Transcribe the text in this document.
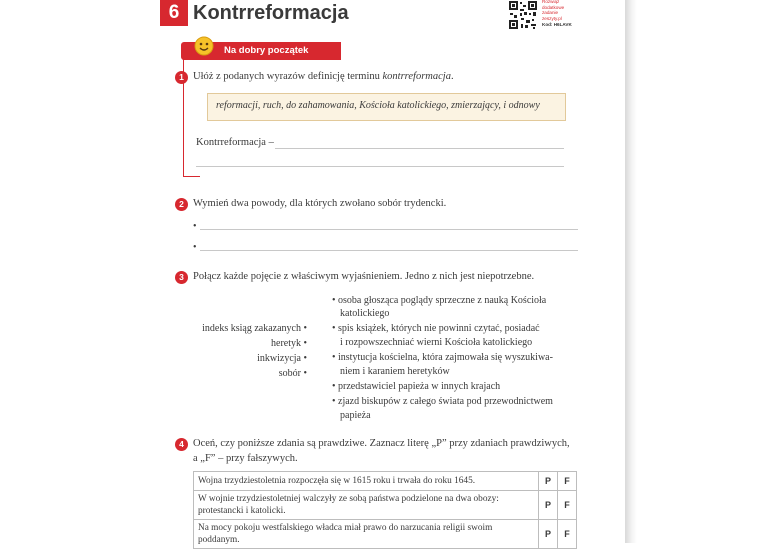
6 Kontrreformacja
Rozwiąż
dodatkowe
zadanie
zeszyty.pl
Kod: H6LAVK
Na dobry początek
1 Ułóż z podanych wyrazów definicję terminu kontrreformacja.
reformacji, ruch, do zahamowania, Kościoła katolickiego, zmierzający, i odnowy
Kontrreformacja –
2 Wymień dwa powody, dla których zwołano sobór trydencki.
•
•
3 Połącz każde pojęcie z właściwym wyjaśnieniem. Jedno z nich jest niepotrzebne.
indeks ksiąg zakazanych •
heretyk •
inkwizycja •
sobór •
• osoba głosząca poglądy sprzeczne z nauką Kościoła
katolickiego
• spis książek, których nie powinni czytać, posiadać
i rozpowszechniać wierni Kościoła katolickiego
• instytucja kościelna, która zajmowała się wyszukiwa-
niem i karaniem heretyków
• przedstawiciel papieża w innych krajach
• zjazd biskupów z całego świata pod przewodnictwem
papieża
4 Oceń, czy poniższe zdania są prawdziwe. Zaznacz literę „P” przy zdaniach prawdziwych,
a „F” – przy fałszywych.
Wojna trzydziestoletnia rozpoczęła się w 1615 roku i trwała do roku 1645.	P	F

W wojnie trzydziestoletniej walczyły ze sobą państwa podzielone na dwa obozy:
protestancki i katolicki.	P	F

Na mocy pokoju westfalskiego władca miał prawo do narzucania religii swoim
poddanym.	P	F
